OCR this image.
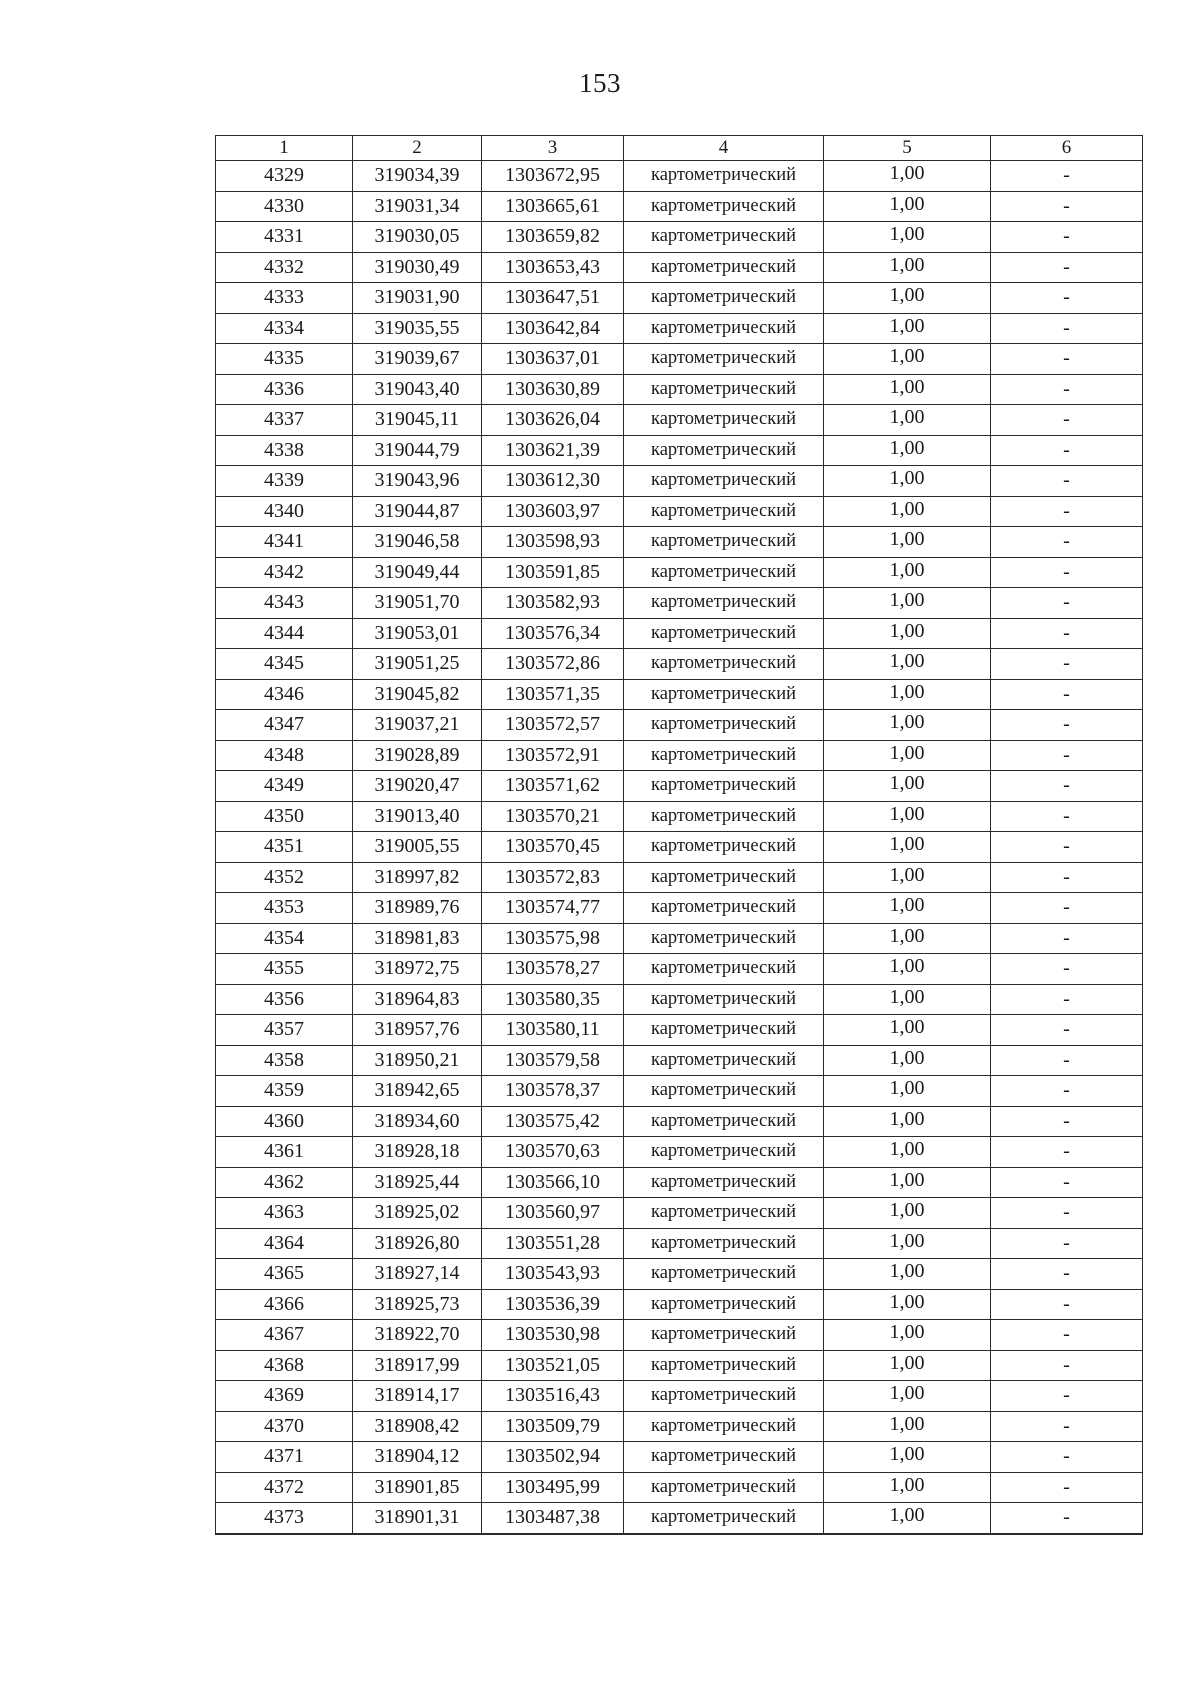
153
1	2	3	4	5	6
4329	319034,39	1303672,95	картометрический	1,00	-
4330	319031,34	1303665,61	картометрический	1,00	-
4331	319030,05	1303659,82	картометрический	1,00	-
4332	319030,49	1303653,43	картометрический	1,00	-
4333	319031,90	1303647,51	картометрический	1,00	-
4334	319035,55	1303642,84	картометрический	1,00	-
4335	319039,67	1303637,01	картометрический	1,00	-
4336	319043,40	1303630,89	картометрический	1,00	-
4337	319045,11	1303626,04	картометрический	1,00	-
4338	319044,79	1303621,39	картометрический	1,00	-
4339	319043,96	1303612,30	картометрический	1,00	-
4340	319044,87	1303603,97	картометрический	1,00	-
4341	319046,58	1303598,93	картометрический	1,00	-
4342	319049,44	1303591,85	картометрический	1,00	-
4343	319051,70	1303582,93	картометрический	1,00	-
4344	319053,01	1303576,34	картометрический	1,00	-
4345	319051,25	1303572,86	картометрический	1,00	-
4346	319045,82	1303571,35	картометрический	1,00	-
4347	319037,21	1303572,57	картометрический	1,00	-
4348	319028,89	1303572,91	картометрический	1,00	-
4349	319020,47	1303571,62	картометрический	1,00	-
4350	319013,40	1303570,21	картометрический	1,00	-
4351	319005,55	1303570,45	картометрический	1,00	-
4352	318997,82	1303572,83	картометрический	1,00	-
4353	318989,76	1303574,77	картометрический	1,00	-
4354	318981,83	1303575,98	картометрический	1,00	-
4355	318972,75	1303578,27	картометрический	1,00	-
4356	318964,83	1303580,35	картометрический	1,00	-
4357	318957,76	1303580,11	картометрический	1,00	-
4358	318950,21	1303579,58	картометрический	1,00	-
4359	318942,65	1303578,37	картометрический	1,00	-
4360	318934,60	1303575,42	картометрический	1,00	-
4361	318928,18	1303570,63	картометрический	1,00	-
4362	318925,44	1303566,10	картометрический	1,00	-
4363	318925,02	1303560,97	картометрический	1,00	-
4364	318926,80	1303551,28	картометрический	1,00	-
4365	318927,14	1303543,93	картометрический	1,00	-
4366	318925,73	1303536,39	картометрический	1,00	-
4367	318922,70	1303530,98	картометрический	1,00	-
4368	318917,99	1303521,05	картометрический	1,00	-
4369	318914,17	1303516,43	картометрический	1,00	-
4370	318908,42	1303509,79	картометрический	1,00	-
4371	318904,12	1303502,94	картометрический	1,00	-
4372	318901,85	1303495,99	картометрический	1,00	-
4373	318901,31	1303487,38	картометрический	1,00	-
